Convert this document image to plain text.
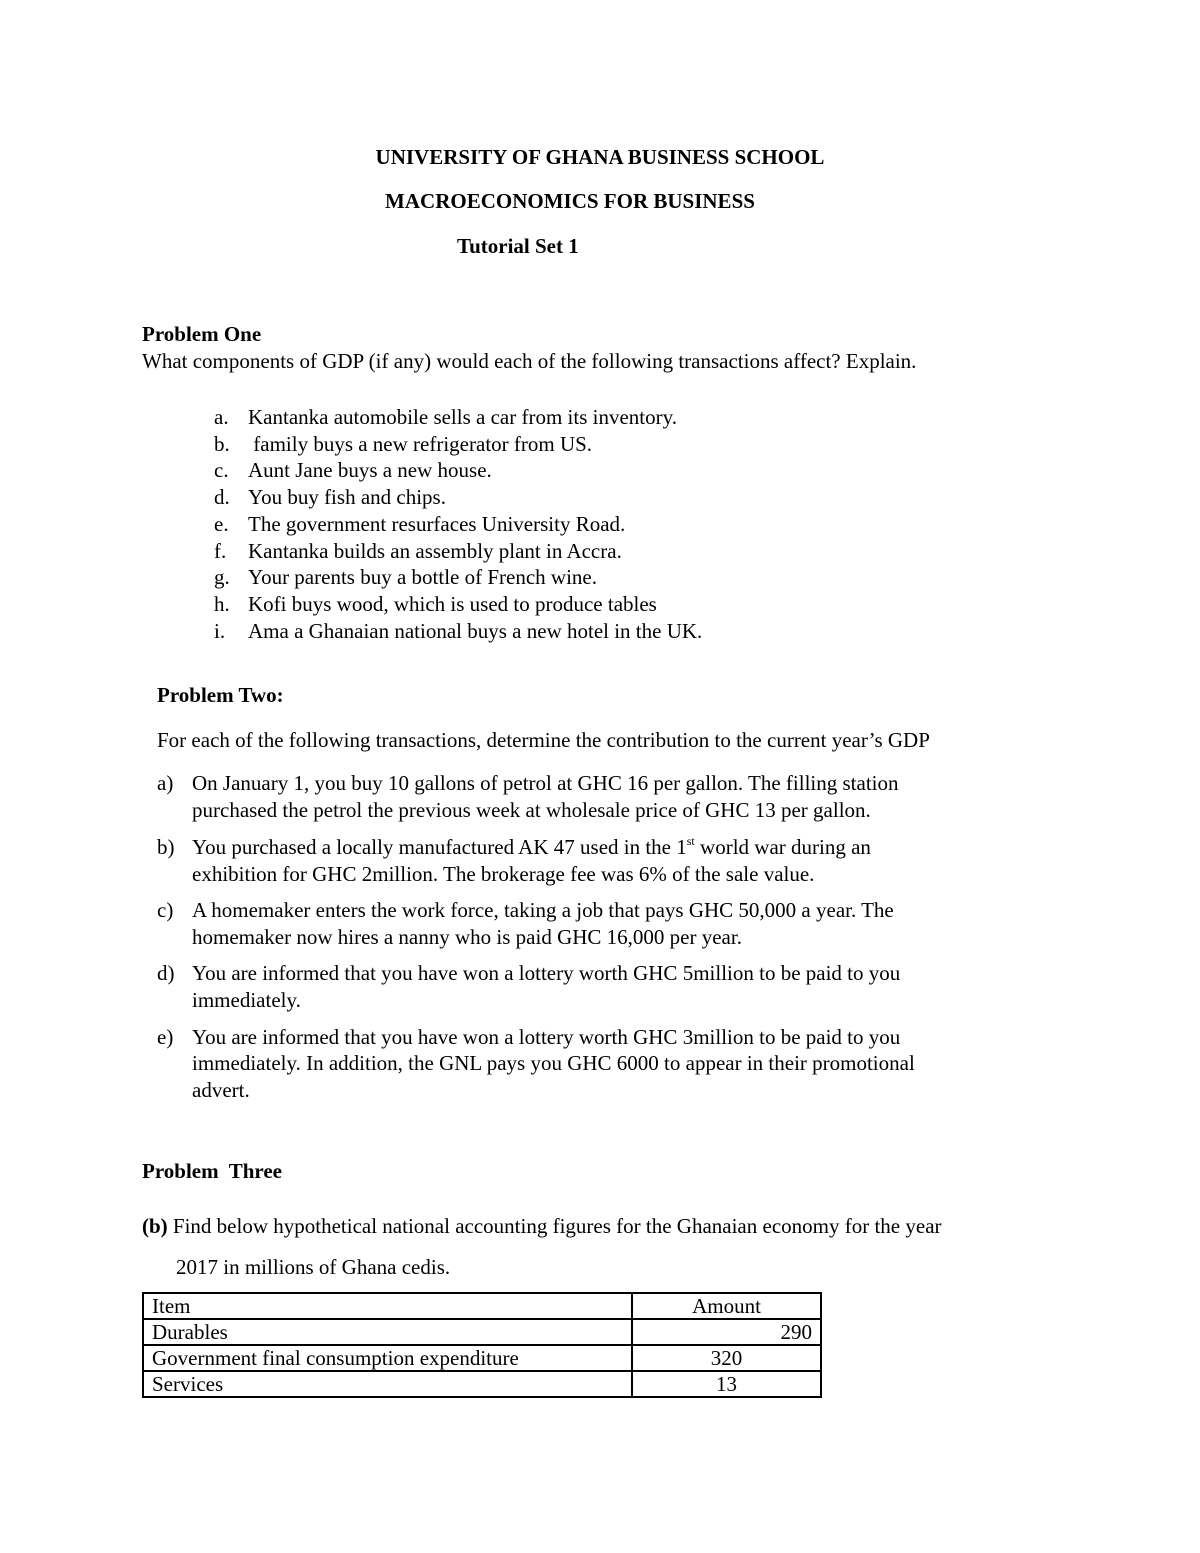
UNIVERSITY OF GHANA BUSINESS SCHOOL
MACROECONOMICS FOR BUSINESS
Tutorial Set 1
Problem One
What components of GDP (if any) would each of the following transactions affect? Explain.
a. Kantanka automobile sells a car from its inventory.
b. family buys a new refrigerator from US.
c. Aunt Jane buys a new house.
d. You buy fish and chips.
e. The government resurfaces University Road.
f. Kantanka builds an assembly plant in Accra.
g. Your parents buy a bottle of French wine.
h. Kofi buys wood, which is used to produce tables
i. Ama a Ghanaian national buys a new hotel in the UK.
Problem Two:
For each of the following transactions, determine the contribution to the current year’s GDP
a) On January 1, you buy 10 gallons of petrol at GHC 16 per gallon. The filling station
purchased the petrol the previous week at wholesale price of GHC 13 per gallon.
b) You purchased a locally manufactured AK 47 used in the 1st world war during an
exhibition for GHC 2million. The brokerage fee was 6% of the sale value.
c) A homemaker enters the work force, taking a job that pays GHC 50,000 a year. The
homemaker now hires a nanny who is paid GHC 16,000 per year.
d) You are informed that you have won a lottery worth GHC 5million to be paid to you
immediately.
e) You are informed that you have won a lottery worth GHC 3million to be paid to you
immediately. In addition, the GNL pays you GHC 6000 to appear in their promotional
advert.
Problem  Three
(b) Find below hypothetical national accounting figures for the Ghanaian economy for the year
2017 in millions of Ghana cedis.
Item	Amount
Durables	290
Government final consumption expenditure	320
Services	13
